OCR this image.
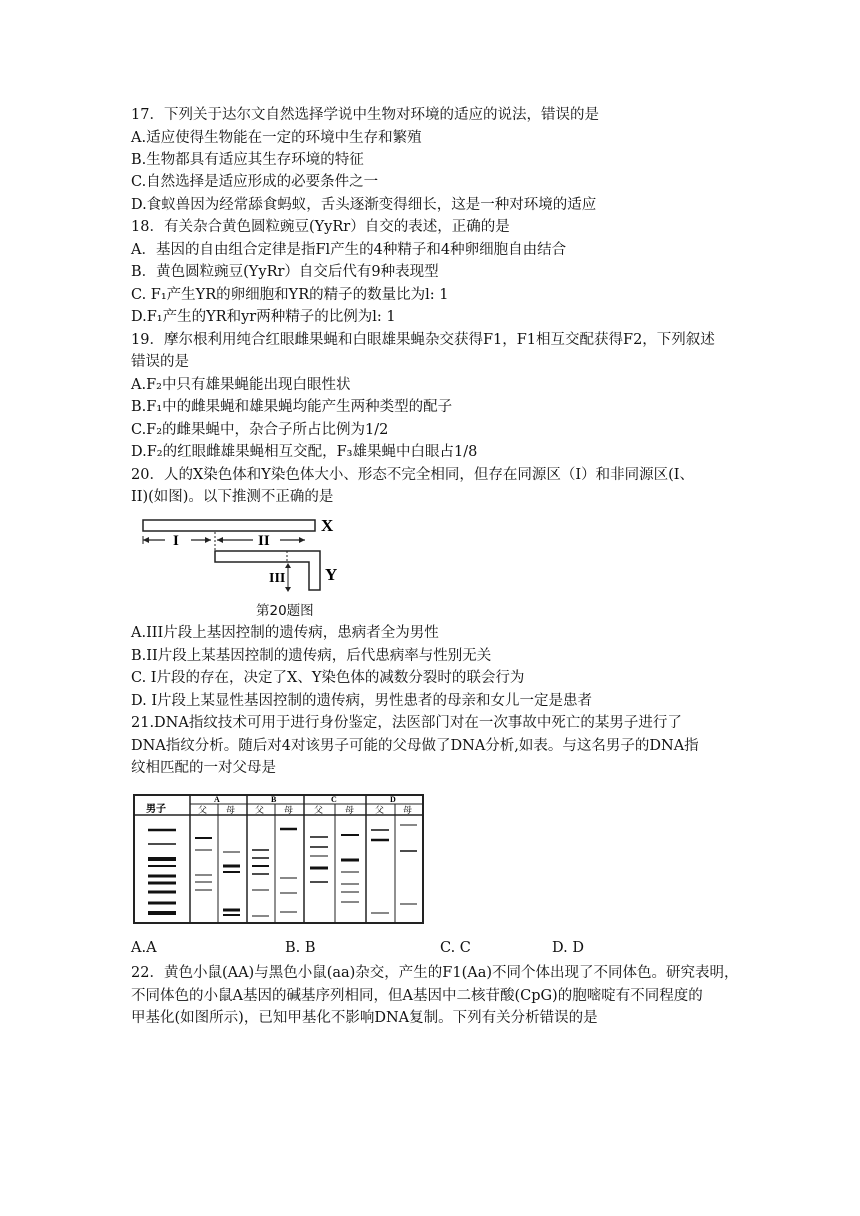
17．下列关于达尔文自然选择学说中生物对环境的适应的说法，错误的是
A.适应使得生物能在一定的环境中生存和繁殖
B.生物都具有适应其生存环境的特征
C.自然选择是适应形成的必要条件之一
D.食蚁兽因为经常舔食蚂蚁，舌头逐渐变得细长，这是一种对环境的适应
18．有关杂合黄色圆粒豌豆(YyRr）自交的表述，正确的是
A．基因的自由组合定律是指Fl产生的4种精子和4种卵细胞自由结合
B．黄色圆粒豌豆(YyRr）自交后代有9种表现型
C. F₁产生YR的卵细胞和YR的精子的数量比为l: 1
D.F₁产生的YR和yr两种精子的比例为l: 1
19．摩尔根利用纯合红眼雌果蝇和白眼雄果蝇杂交获得F1，F1相互交配获得F2，下列叙述
错误的是
A.F₂中只有雄果蝇能出现白眼性状
B.F₁中的雌果蝇和雄果蝇均能产生两种类型的配子
C.F₂的雌果蝇中，杂合子所占比例为1/2
D.F₂的红眼雌雄果蝇相互交配，F₃雄果蝇中白眼占1/8
20．人的X染色体和Y染色体大小、形态不完全相同，但存在同源区（I）和非同源区(I、
II)(如图)。以下推测不正确的是
X
I	II
III Y
第20题图
A.III片段上基因控制的遗传病，患病者全为男性
B.II片段上某基因控制的遗传病，后代患病率与性别无关
C. I片段的存在，决定了X、Y染色体的减数分裂时的联会行为
D. Ⅰ片段上某显性基因控制的遗传病，男性患者的母亲和女儿一定是患者
21.DNA指纹技术可用于进行身份鉴定，法医部门对在一次事故中死亡的某男子进行了
DNA指纹分析。随后对4对该男子可能的父母做了DNA分析,如表。与这名男子的DNA指
纹相匹配的一对父母是
男子
A	B	C	D
父 母 父 母 父 母 父 母
A.A	B. B	C. C	D. D
22．黄色小鼠(AA)与黑色小鼠(aa)杂交，产生的F1(Aa)不同个体出现了不同体色。研究表明，
不同体色的小鼠A基因的碱基序列相同，但A基因中二核苷酸(CpG)的胞嘧啶有不同程度的
甲基化(如图所示)，已知甲基化不影响DNA复制。下列有关分析错误的是
